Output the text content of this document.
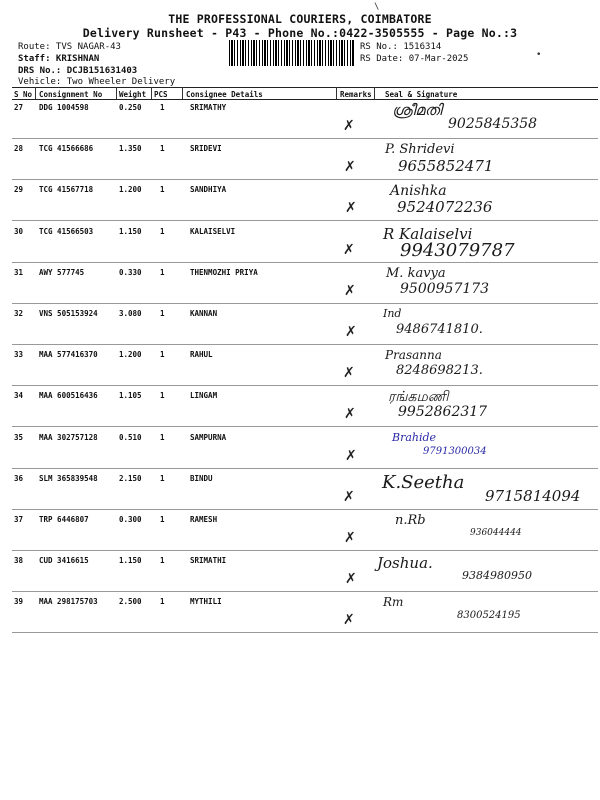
THE PROFESSIONAL COURIERS, COIMBATORE
Delivery Runsheet - P43 - Phone No.:0422-3505555 - Page No.:3
Route: TVS NAGAR-43
Staff: KRISHNAN
DRS No.: DCJB151631403
Vehicle: Two Wheeler Delivery
RS No.: 1516314
RS Date: 07-Mar-2025
\
•
S No Consignment No Weight PCS Consignee Details	Remarks Seal & Signature
27 DDG 1004598	0.250 1	SRIMATHY	ശ്രീമതി
9025845358
✗
28 TCG 41566686	1.350 1	SRIDEVI	P. Shridevi
9655852471
✗
29 TCG 41567718	1.200 1	SANDHIYA	Anishka
9524072236
✗
30 TCG 41566503	1.150 1	KALAISELVI	R Kalaiselvi
9943079787
✗
31 AWY 577745	0.330 1	THENMOZHI PRIYA	M. kavya
9500957173
✗
32 VNS 505153924	3.080 1	KANNAN	Ind
9486741810.
✗
33 MAA 577416370	1.200 1	RAHUL	Prasanna
8248698213.
✗
34 MAA 600516436	1.105 1	LINGAM	ரங்கமணி
9952862317
✗
35 MAA 302757128	0.510 1	SAMPURNA	Brahide
9791300034
✗
36 SLM 365839548	2.150 1	BINDU	K.Seetha
9715814094
✗
37 TRP 6446807	0.300 1	RAMESH	n.Rb
936044444
✗
38 CUD 3416615	1.150 1	SRIMATHI	Joshua.
9384980950
✗
39 MAA 298175703	2.500 1	MYTHILI	Rm
8300524195
✗
